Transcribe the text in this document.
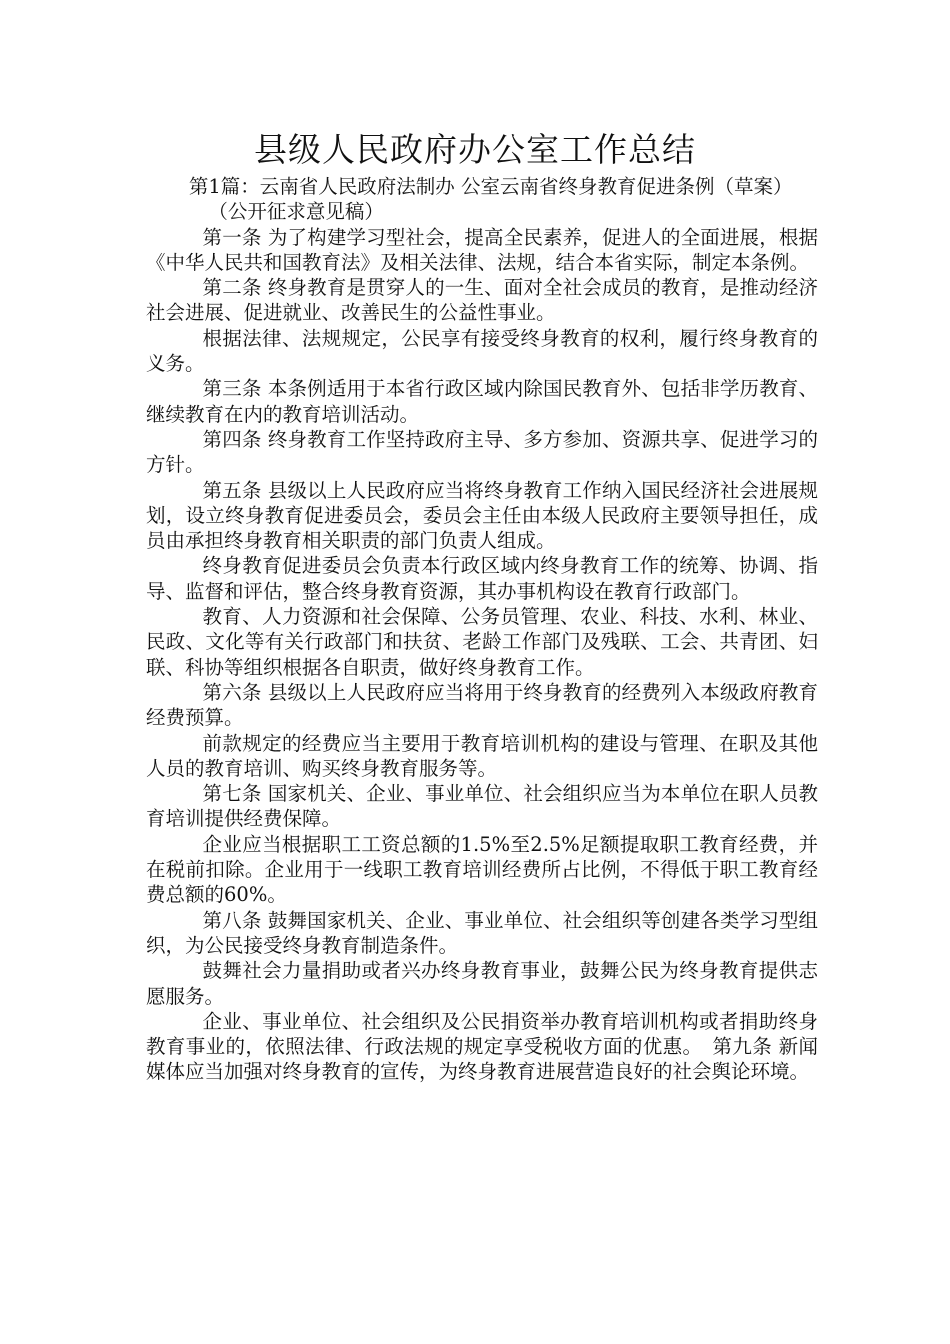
县级人民政府办公室工作总结

第1篇：云南省人民政府法制办 公室云南省终身教育促进条例（草案）

（公开征求意见稿）

第一条 为了构建学习型社会，提高全民素养，促进人的全面进展，根据《中华人民共和国教育法》及相关法律、法规，结合本省实际，制定本条例。

第二条 终身教育是贯穿人的一生、面对全社会成员的教育，是推动经济社会进展、促进就业、改善民生的公益性事业。

根据法律、法规规定，公民享有接受终身教育的权利，履行终身教育的义务。

第三条 本条例适用于本省行政区域内除国民教育外、包括非学历教育、继续教育在内的教育培训活动。

第四条 终身教育工作坚持政府主导、多方参加、资源共享、促进学习的方针。

第五条 县级以上人民政府应当将终身教育工作纳入国民经济社会进展规划，设立终身教育促进委员会，委员会主任由本级人民政府主要领导担任，成员由承担终身教育相关职责的部门负责人组成。

终身教育促进委员会负责本行政区域内终身教育工作的统筹、协调、指导、监督和评估，整合终身教育资源，其办事机构设在教育行政部门。

教育、人力资源和社会保障、公务员管理、农业、科技、水利、林业、民政、文化等有关行政部门和扶贫、老龄工作部门及残联、工会、共青团、妇联、科协等组织根据各自职责，做好终身教育工作。

第六条 县级以上人民政府应当将用于终身教育的经费列入本级政府教育经费预算。

前款规定的经费应当主要用于教育培训机构的建设与管理、在职及其他人员的教育培训、购买终身教育服务等。

第七条 国家机关、企业、事业单位、社会组织应当为本单位在职人员教育培训提供经费保障。

企业应当根据职工工资总额的1.5%至2.5%足额提取职工教育经费，并在税前扣除。企业用于一线职工教育培训经费所占比例，不得低于职工教育经费总额的60%。

第八条 鼓舞国家机关、企业、事业单位、社会组织等创建各类学习型组织，为公民接受终身教育制造条件。

鼓舞社会力量捐助或者兴办终身教育事业，鼓舞公民为终身教育提供志愿服务。

企业、事业单位、社会组织及公民捐资举办教育培训机构或者捐助终身教育事业的，依照法律、行政法规的规定享受税收方面的优惠。　第九条 新闻媒体应当加强对终身教育的宣传，为终身教育进展营造良好的社会舆论环境。
